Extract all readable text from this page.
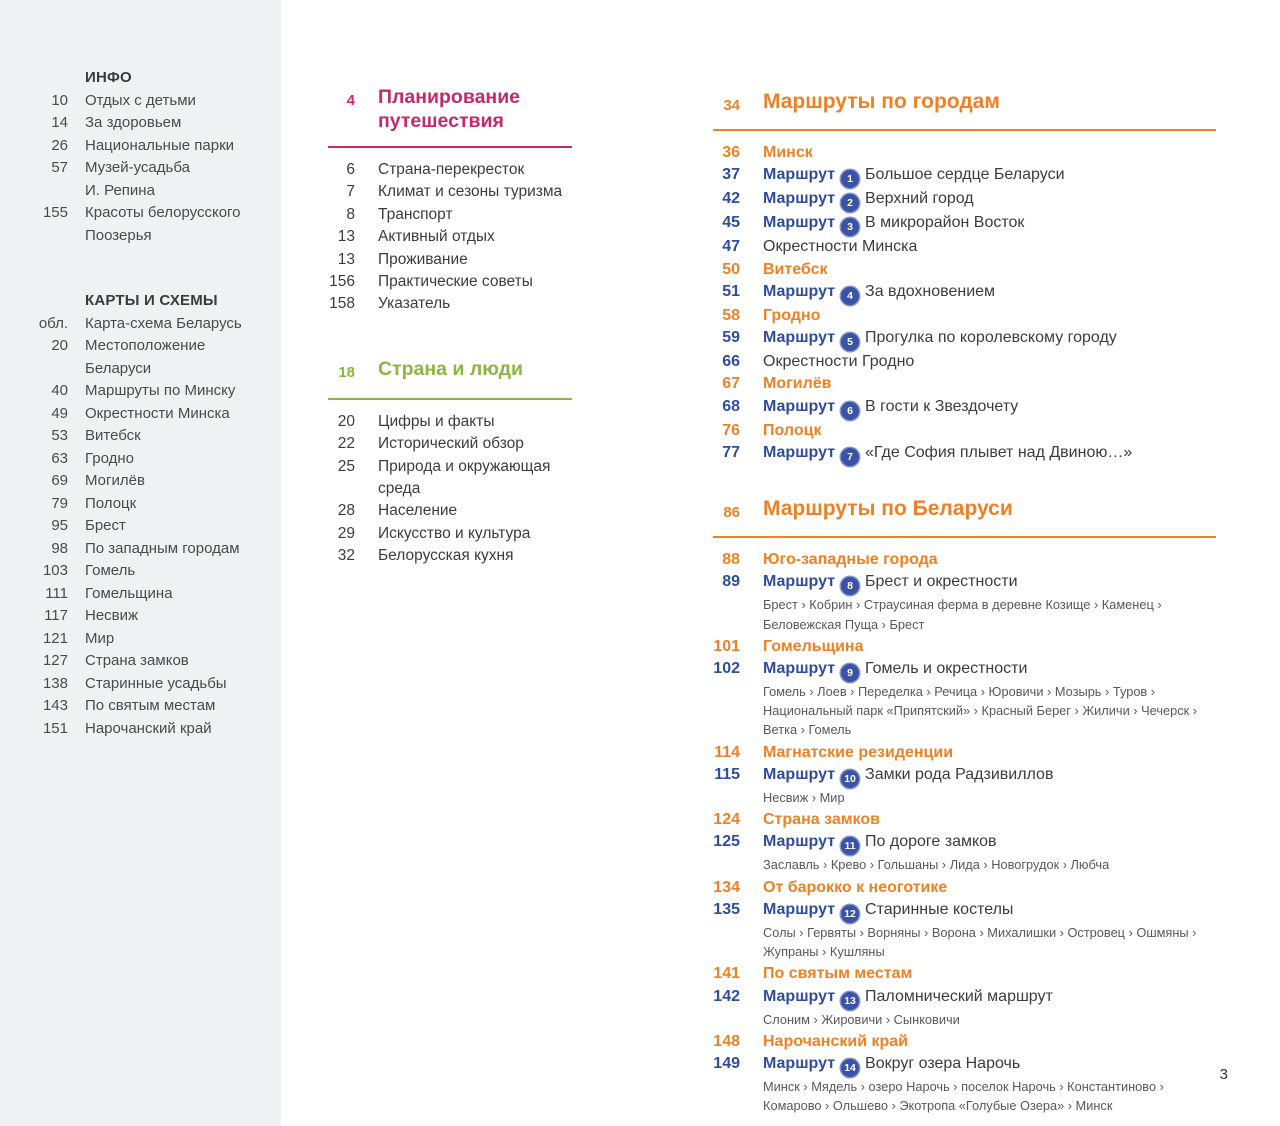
ИНФО
10 Отдых с детьми
14 За здоровьем
26 Национальные парки
57 Музей-усадьба
И. Репина
155 Красоты белорусского
Поозерья
КАРТЫ И СХЕМЫ
обл. Карта-схема Беларусь
20 Местоположение
Беларуси
40 Маршруты по Минску
49 Окрестности Минска
53 Витебск
63 Гродно
69 Могилёв
79 Полоцк
95 Брест
98 По западным городам
103 Гомель
111 Гомельщина
117 Несвиж
121 Мир
127 Страна замков
138 Старинные усадьбы
143 По святым местам
151 Нарочанский край
4 Планирование путешествия
6 Страна-перекресток
7 Климат и сезоны туризма
8 Транспорт
13 Активный отдых
13 Проживание
156 Практические советы
158 Указатель
18 Страна и люди
20 Цифры и факты
22 Исторический обзор
25 Природа и окружающая
среда
28 Население
29 Искусство и культура
32 Белорусская кухня
34 Маршруты по городам
36 Минск
37 Маршрут 1 Большое сердце Беларуси
42 Маршрут 2 Верхний город
45 Маршрут 3 В микрорайон Восток
47 Окрестности Минска
50 Витебск
51 Маршрут 4 За вдохновением
58 Гродно
59 Маршрут 5 Прогулка по королевскому городу
66 Окрестности Гродно
67 Могилёв
68 Маршрут 6 В гости к Звездочету
76 Полоцк
77 Маршрут 7 «Где София плывет над Двиною…»
86 Маршруты по Беларуси
88 Юго-западные города
89 Маршрут 8 Брест и окрестности
Брест › Кобрин › Страусиная ферма в деревне Козище › Каменец › Беловежская Пуща › Брест
101 Гомельщина
102 Маршрут 9 Гомель и окрестности
Гомель › Лоев › Переделка › Речица › Юровичи › Мозырь › Туров › Национальный парк «Припятский» › Красный Берег › Жиличи › Чечерск › Ветка › Гомель
114 Магнатские резиденции
115 Маршрут 10 Замки рода Радзивиллов
Несвиж › Мир
124 Страна замков
125 Маршрут 11 По дороге замков
Заславль › Крево › Гольшаны › Лида › Новогрудок › Любча
134 От барокко к неоготике
135 Маршрут 12 Старинные костелы
Солы › Гервяты › Ворняны › Ворона › Михалишки › Островец › Ошмяны › Жупраны › Кушляны
141 По святым местам
142 Маршрут 13 Паломнический маршрут
Слоним › Жировичи › Сынковичи
148 Нарочанский край
149 Маршрут 14 Вокруг озера Нарочь
Минск › Мядель › озеро Нарочь › поселок Нарочь › Константиново › Комарово › Ольшево › Экотропа «Голубые Озера» › Минск
3
